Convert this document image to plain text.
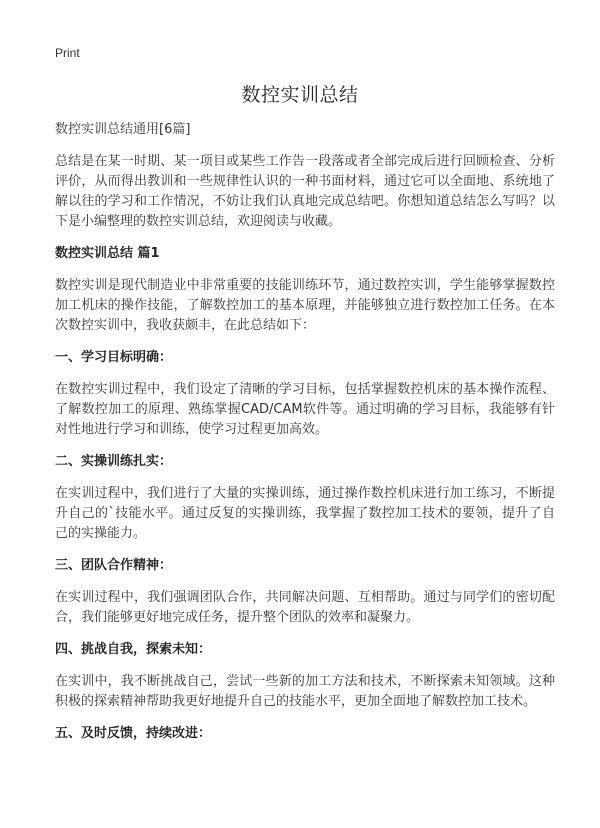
Print
数控实训总结
数控实训总结通用[6篇]

总结是在某一时期、某一项目或某些工作告一段落或者全部完成后进行回顾检查、分析评价，从而得出教训和一些规律性认识的一种书面材料，通过它可以全面地、系统地了解以往的学习和工作情况，不妨让我们认真地完成总结吧。你想知道总结怎么写吗？以下是小编整理的数控实训总结，欢迎阅读与收藏。

数控实训总结 篇1

数控实训是现代制造业中非常重要的技能训练环节，通过数控实训，学生能够掌握数控加工机床的操作技能，了解数控加工的基本原理，并能够独立进行数控加工任务。在本次数控实训中，我收获颇丰，在此总结如下：

一、学习目标明确：

在数控实训过程中，我们设定了清晰的学习目标，包括掌握数控机床的基本操作流程、了解数控加工的原理、熟练掌握CAD/CAM软件等。通过明确的学习目标，我能够有针对性地进行学习和训练，使学习过程更加高效。

二、实操训练扎实：

在实训过程中，我们进行了大量的实操训练，通过操作数控机床进行加工练习，不断提升自己的`技能水平。通过反复的实操训练，我掌握了数控加工技术的要领，提升了自己的实操能力。

三、团队合作精神：

在实训过程中，我们强调团队合作，共同解决问题、互相帮助。通过与同学们的密切配合，我们能够更好地完成任务，提升整个团队的效率和凝聚力。

四、挑战自我，探索未知：

在实训中，我不断挑战自己，尝试一些新的加工方法和技术，不断探索未知领域。这种积极的探索精神帮助我更好地提升自己的技能水平，更加全面地了解数控加工技术。

五、及时反馈，持续改进：
